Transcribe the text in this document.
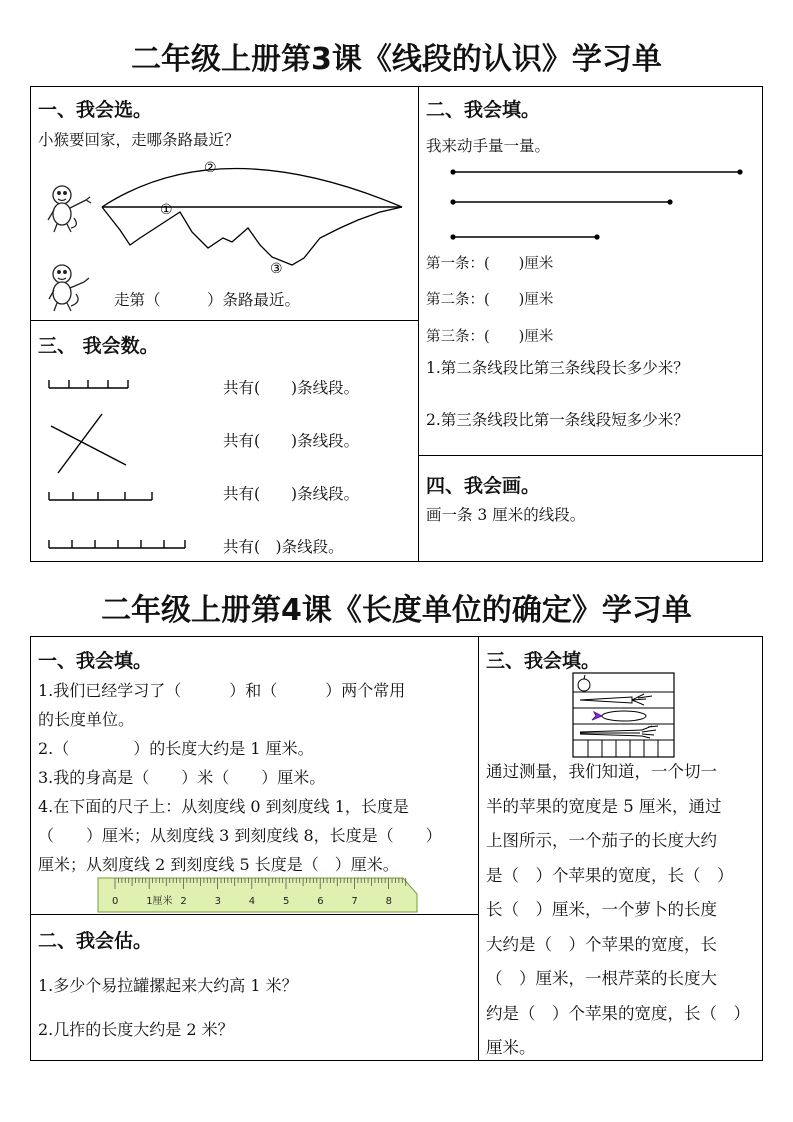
二年级上册第3课《线段的认识》学习单
一、我会选。
小猴要回家，走哪条路最近？
①
②
③
走第（　　　）条路最近。
二、我会填。
我来动手量一量。
第一条：(　　)厘米
第二条：(　　)厘米
第三条：(　　)厘米
1.第二条线段比第三条线段长多少米？
2.第三条线段比第一条线段短多少米？
三、 我会数。
共有(　　)条线段。
共有(　　)条线段。
共有(　　)条线段。
共有(　)条线段。
四、我会画。
画一条 3 厘米的线段。
二年级上册第4课《长度单位的确定》学习单
一、我会填。
1.我们已经学习了（　　　）和（　　　）两个常用
的长度单位。
2.（　　　　）的长度大约是 1 厘米。
3.我的身高是（　　）米（　　）厘米。
4.在下面的尺子上：从刻度线 0 到刻度线 1，长度是
（　　）厘米；从刻度线 3 到刻度线 8，长度是（　　）
厘米；从刻度线 2 到刻度线 5 长度是（　）厘米。
0	1厘米 2	3	4	5	6	7	8
二、我会估。
1.多少个易拉罐摞起来大约高 1 米？
2.几拃的长度大约是 2 米？
三、我会填。
通过测量，我们知道，一个切一
半的苹果的宽度是 5 厘米，通过
上图所示，一个茄子的长度大约
是（　）个苹果的宽度，长（　）
长（　）厘米，一个萝卜的长度
大约是（　）个苹果的宽度，长
（　）厘米，一根芹菜的长度大
约是（　）个苹果的宽度，长（　）
厘米。
